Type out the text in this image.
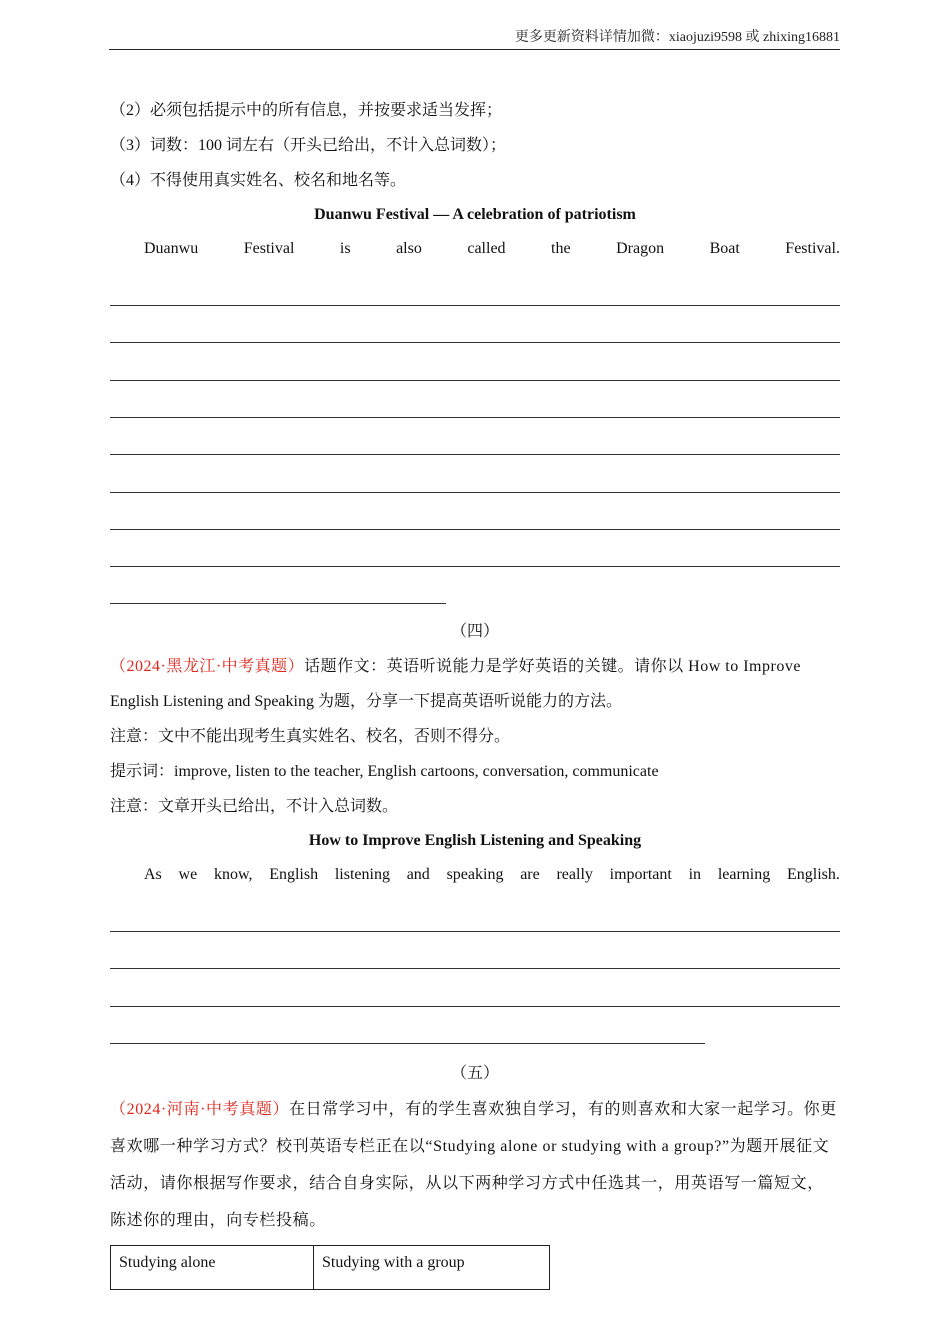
更多更新资料详情加微：xiaojuzi9598 或 zhixing16881
（2）必须包括提示中的所有信息，并按要求适当发挥；
（3）词数：100 词左右（开头已给出，不计入总词数）；
（4）不得使用真实姓名、校名和地名等。
Duanwu Festival — A celebration of patriotism
Duanwu	Festival	is	also	called	the	Dragon	Boat	Festival.
（四）
（2024·黑龙江·中考真题）话题作文：英语听说能力是学好英语的关键。请你以 How to Improve
English Listening and Speaking 为题，分享一下提高英语听说能力的方法。
注意：文中不能出现考生真实姓名、校名，否则不得分。
提示词：improve, listen to the teacher, English cartoons, conversation, communicate
注意：文章开头已给出，不计入总词数。
How to Improve English Listening and Speaking
As we know, English listening and speaking are really important in learning English.
（五）
（2024·河南·中考真题）在日常学习中，有的学生喜欢独自学习，有的则喜欢和大家一起学习。你更喜欢哪一种学习方式？校刊英语专栏正在以“Studying alone or studying with a group?”为题开展征文活动，请你根据写作要求，结合自身实际，从以下两种学习方式中任选其一，用英语写一篇短文，陈述你的理由，向专栏投稿。
Studying alone	Studying with a group
